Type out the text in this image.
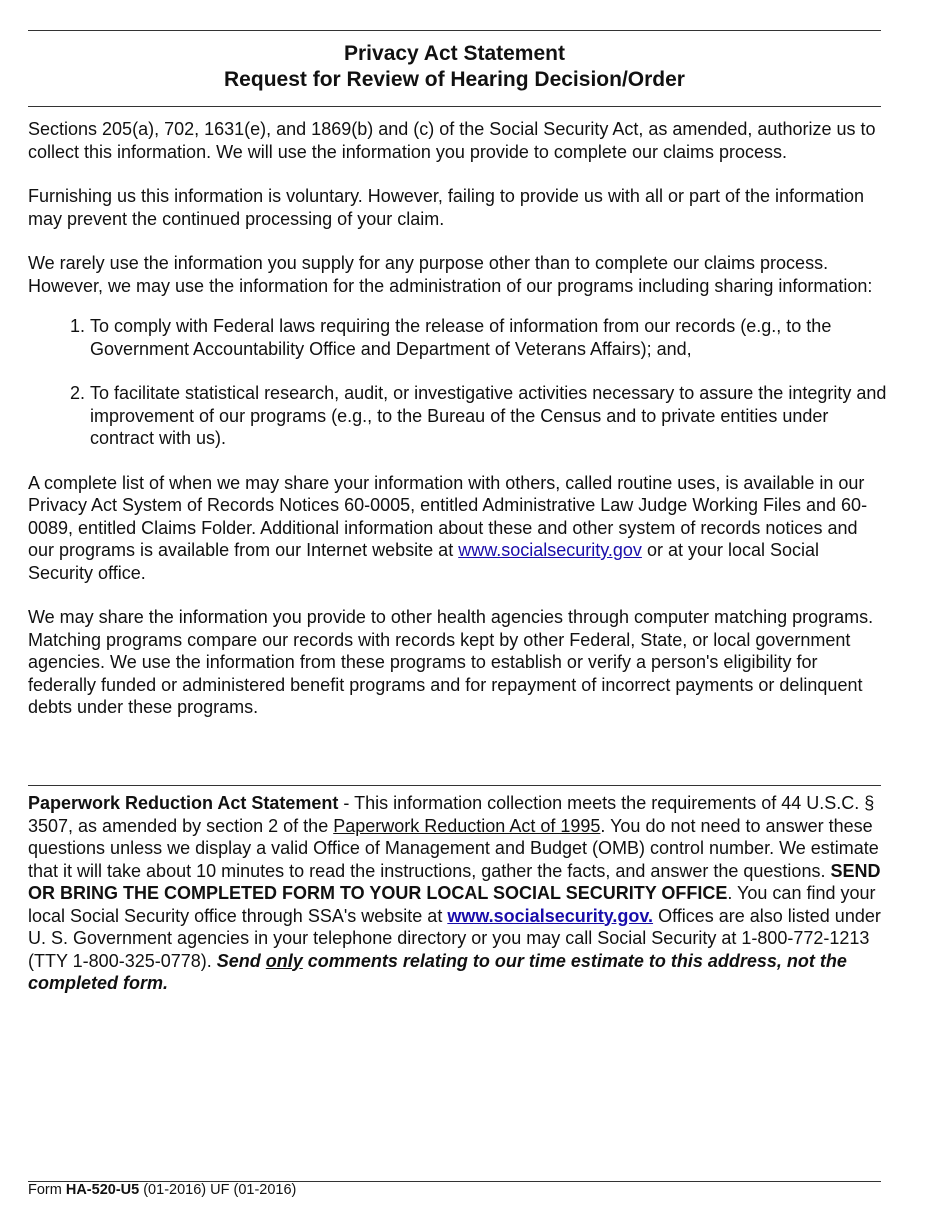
Privacy Act Statement
Request for Review of Hearing Decision/Order

Sections 205(a), 702, 1631(e), and 1869(b) and (c) of the Social Security Act, as amended, authorize us to collect this information. We will use the information you provide to complete our claims process.

Furnishing us this information is voluntary. However, failing to provide us with all or part of the information may prevent the continued processing of your claim.

We rarely use the information you supply for any purpose other than to complete our claims process. However, we may use the information for the administration of our programs including sharing information:

1. To comply with Federal laws requiring the release of information from our records (e.g., to the Government Accountability Office and Department of Veterans Affairs); and,
2. To facilitate statistical research, audit, or investigative activities necessary to assure the integrity and improvement of our programs (e.g., to the Bureau of the Census and to private entities under contract with us).

A complete list of when we may share your information with others, called routine uses, is available in our Privacy Act System of Records Notices 60-0005, entitled Administrative Law Judge Working Files and 60-0089, entitled Claims Folder. Additional information about these and other system of records notices and our programs is available from our Internet website at www.socialsecurity.gov or at your local Social Security office.

We may share the information you provide to other health agencies through computer matching programs. Matching programs compare our records with records kept by other Federal, State, or local government agencies. We use the information from these programs to establish or verify a person's eligibility for federally funded or administered benefit programs and for repayment of incorrect payments or delinquent debts under these programs.

Paperwork Reduction Act Statement - This information collection meets the requirements of 44 U.S.C. § 3507, as amended by section 2 of the Paperwork Reduction Act of 1995. You do not need to answer these questions unless we display a valid Office of Management and Budget (OMB) control number. We estimate that it will take about 10 minutes to read the instructions, gather the facts, and answer the questions. SEND OR BRING THE COMPLETED FORM TO YOUR LOCAL SOCIAL SECURITY OFFICE. You can find your local Social Security office through SSA's website at www.socialsecurity.gov. Offices are also listed under U. S. Government agencies in your telephone directory or you may call Social Security at 1-800-772-1213 (TTY 1-800-325-0778). Send only comments relating to our time estimate to this address, not the completed form.
Form HA-520-U5 (01-2016) UF (01-2016)
